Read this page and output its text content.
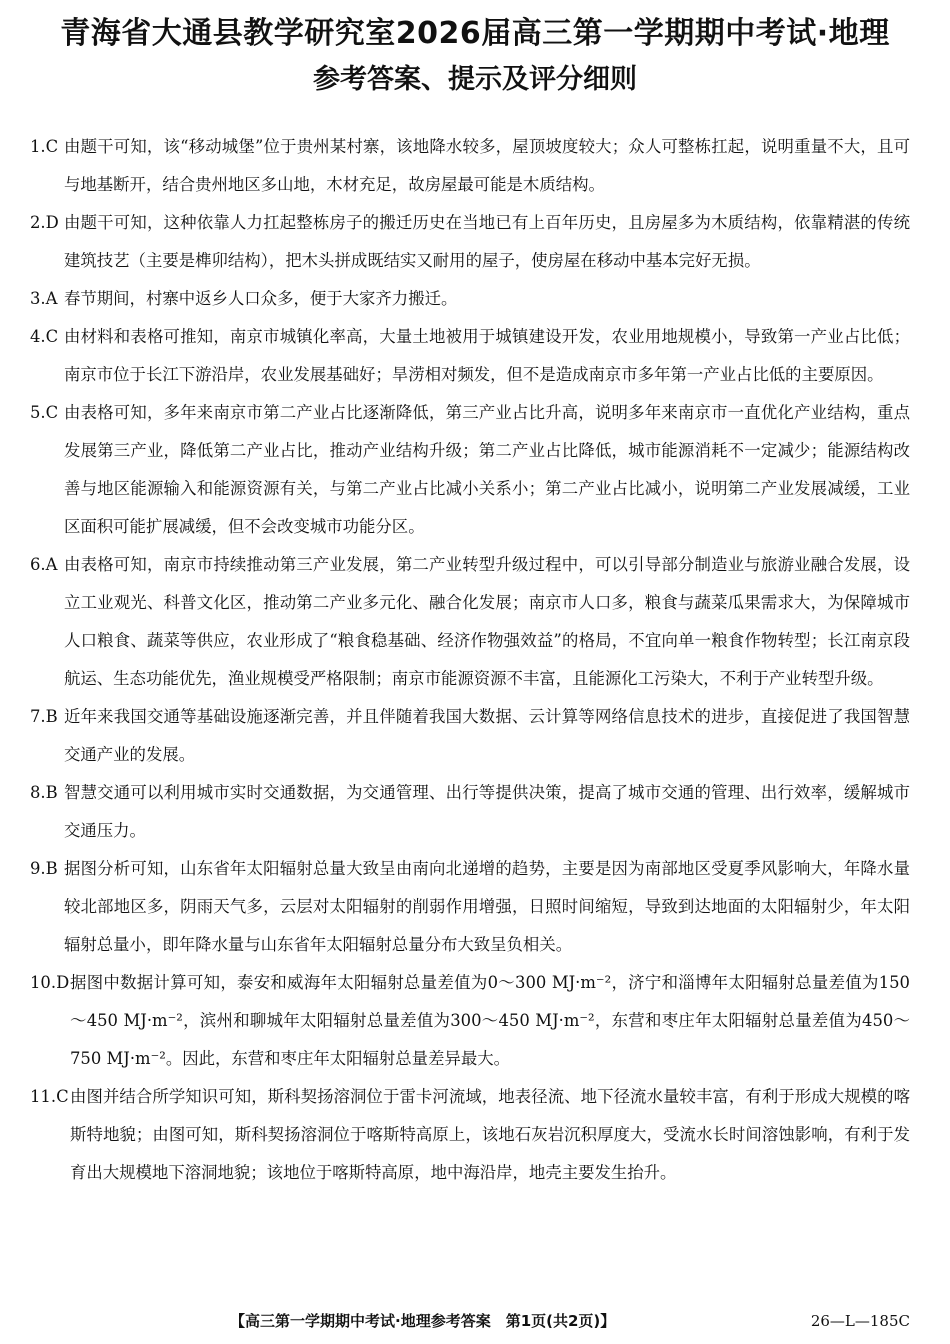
青海省大通县教学研究室2026届高三第一学期期中考试·地理
参考答案、提示及评分细则

1.C 由题干可知，该“移动城堡”位于贵州某村寨，该地降水较多，屋顶坡度较大；众人可整栋扛起，说明重量不大，且可与地基断开，结合贵州地区多山地，木材充足，故房屋最可能是木质结构。

2.D 由题干可知，这种依靠人力扛起整栋房子的搬迁历史在当地已有上百年历史，且房屋多为木质结构，依靠精湛的传统建筑技艺（主要是榫卯结构），把木头拼成既结实又耐用的屋子，使房屋在移动中基本完好无损。

3.A 春节期间，村寨中返乡人口众多，便于大家齐力搬迁。

4.C 由材料和表格可推知，南京市城镇化率高，大量土地被用于城镇建设开发，农业用地规模小，导致第一产业占比低；南京市位于长江下游沿岸，农业发展基础好；旱涝相对频发，但不是造成南京市多年第一产业占比低的主要原因。

5.C 由表格可知，多年来南京市第二产业占比逐渐降低，第三产业占比升高，说明多年来南京市一直优化产业结构，重点发展第三产业，降低第二产业占比，推动产业结构升级；第二产业占比降低，城市能源消耗不一定减少；能源结构改善与地区能源输入和能源资源有关，与第二产业占比减小关系小；第二产业占比减小，说明第二产业发展减缓，工业区面积可能扩展减缓，但不会改变城市功能分区。

6.A 由表格可知，南京市持续推动第三产业发展，第二产业转型升级过程中，可以引导部分制造业与旅游业融合发展，设立工业观光、科普文化区，推动第二产业多元化、融合化发展；南京市人口多，粮食与蔬菜瓜果需求大，为保障城市人口粮食、蔬菜等供应，农业形成了“粮食稳基础、经济作物强效益”的格局，不宜向单一粮食作物转型；长江南京段航运、生态功能优先，渔业规模受严格限制；南京市能源资源不丰富，且能源化工污染大，不利于产业转型升级。

7.B 近年来我国交通等基础设施逐渐完善，并且伴随着我国大数据、云计算等网络信息技术的进步，直接促进了我国智慧交通产业的发展。

8.B 智慧交通可以利用城市实时交通数据，为交通管理、出行等提供决策，提高了城市交通的管理、出行效率，缓解城市交通压力。

9.B 据图分析可知，山东省年太阳辐射总量大致呈由南向北递增的趋势，主要是因为南部地区受夏季风影响大，年降水量较北部地区多，阴雨天气多，云层对太阳辐射的削弱作用增强，日照时间缩短，导致到达地面的太阳辐射少，年太阳辐射总量小，即年降水量与山东省年太阳辐射总量分布大致呈负相关。

10.D 据图中数据计算可知，泰安和威海年太阳辐射总量差值为0～300 MJ·m⁻²，济宁和淄博年太阳辐射总量差值为150～450 MJ·m⁻²，滨州和聊城年太阳辐射总量差值为300～450 MJ·m⁻²，东营和枣庄年太阳辐射总量差值为450～750 MJ·m⁻²。因此，东营和枣庄年太阳辐射总量差异最大。

11.C 由图并结合所学知识可知，斯科契扬溶洞位于雷卡河流域，地表径流、地下径流水量较丰富，有利于形成大规模的喀斯特地貌；由图可知，斯科契扬溶洞位于喀斯特高原上，该地石灰岩沉积厚度大，受流水长时间溶蚀影响，有利于发育出大规模地下溶洞地貌；该地位于喀斯特高原，地中海沿岸，地壳主要发生抬升。

【高三第一学期期中考试·地理参考答案　第1页(共2页)】	26—L—185C
